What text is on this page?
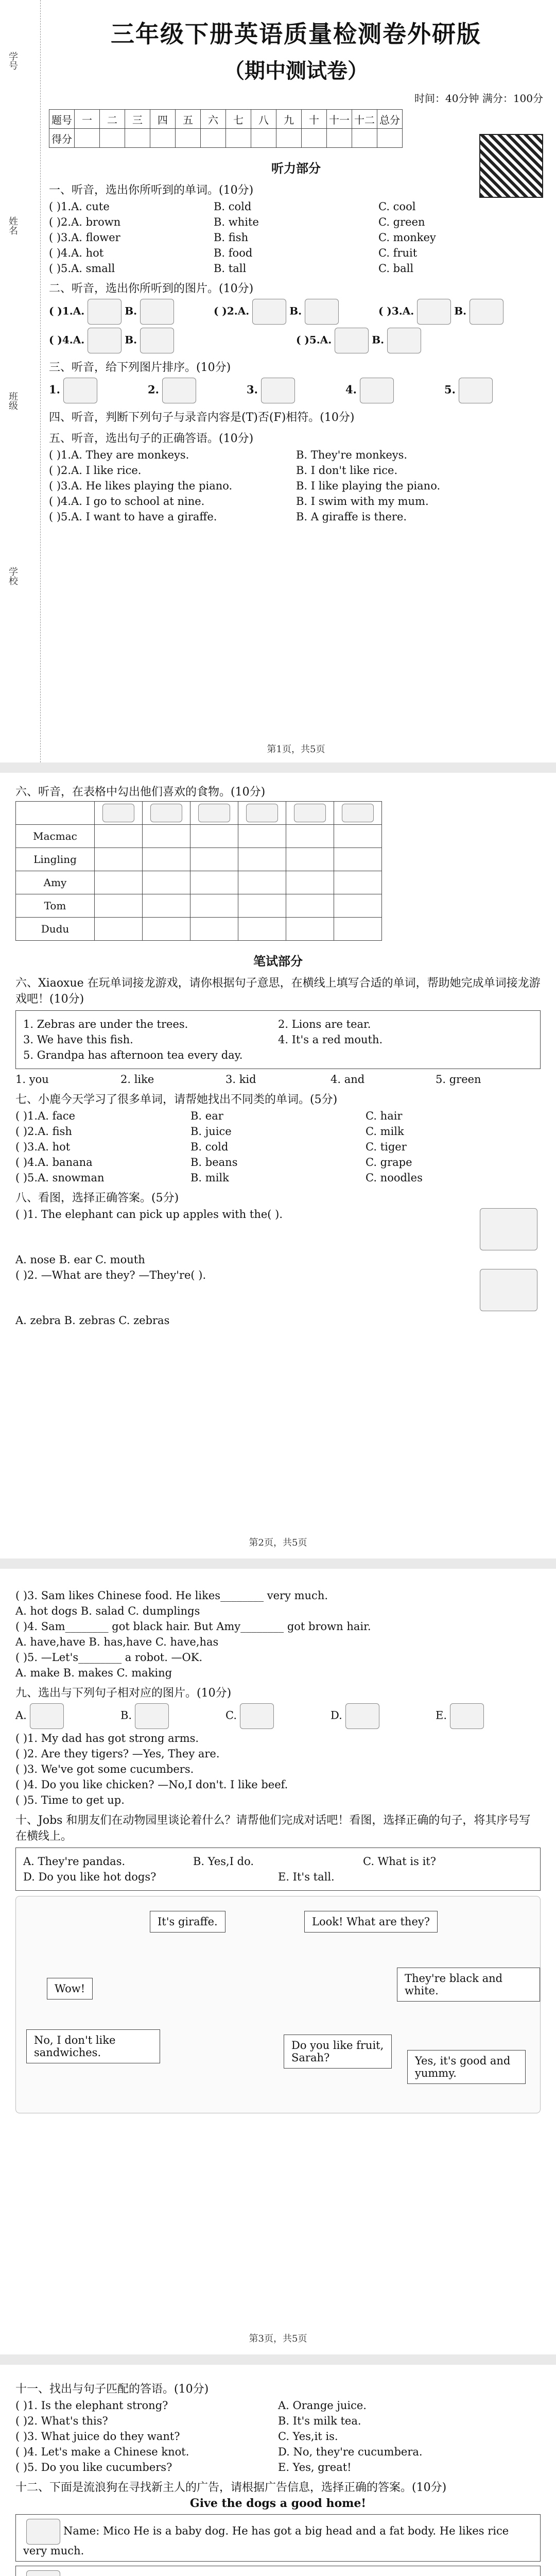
学号
姓名
班级
学校
三年级下册英语质量检测卷外研版
（期中测试卷）
时间：40分钟 满分：100分
题号	一	二	三	四	五	六	七	八	九	十	十一	十二	总分
得分													
听力部分
一、听音，选出你所听到的单词。(10分)
( )1.A. cute	B. cold	C. cool
( )2.A. brown	B. white	C. green
( )3.A. flower	B. fish	C. monkey
( )4.A. hot	B. food	C. fruit
( )5.A. small	B. tall	C. ball
二、听音，选出你所听到的图片。(10分)
( )1.A.	B.	( )2.A.	B.	( )3.A.	B.
( )4.A.	B.	( )5.A.	B.
三、听音，给下列图片排序。(10分)
1.	2.	3.	4.	5.
四、听音，判断下列句子与录音内容是(T)否(F)相符。(10分)
五、听音，选出句子的正确答语。(10分)
( )1.A. They are monkeys.	B. They're monkeys.
( )2.A. I like rice.	B. I don't like rice.
( )3.A. He likes playing the piano.	B. I like playing the piano.
( )4.A. I go to school at nine.	B. I swim with my mum.
( )5.A. I want to have a giraffe.	B. A giraffe is there.
第1页，共5页
六、听音，在表格中勾出他们喜欢的食物。(10分)

Macmac						
Lingling						
Amy						
Tom						
Dudu						
笔试部分
六、Xiaoxue 在玩单词接龙游戏，请你根据句子意思，在横线上填写合适的单词，帮助她完成单词接龙游戏吧！(10分)
1. Zebras are under the trees.	2. Lions are tear.
3. We have this fish.	4. It's a red mouth.
5. Grandpa has afternoon tea every day.
1. you	2. like	3. kid	4. and	5. green
七、小鹿今天学习了很多单词，请帮她找出不同类的单词。(5分)
( )1.A. face	B. ear	C. hair
( )2.A. fish	B. juice	C. milk
( )3.A. hot	B. cold	C. tiger
( )4.A. banana	B. beans	C. grape
( )5.A. snowman	B. milk	C. noodles
八、看图，选择正确答案。(5分)
( )1. The elephant can pick up apples with the( ).
A. nose B. ear C. mouth
( )2. —What are they? —They're( ).
A. zebra B. zebras C. zebras
第2页，共5页
( )3. Sam likes Chinese food. He likes________ very much.
A. hot dogs B. salad C. dumplings
( )4. Sam________ got black hair. But Amy________ got brown hair.
A. have,have B. has,have C. have,has
( )5. —Let's________ a robot. —OK.
A. make B. makes C. making
九、选出与下列句子相对应的图片。(10分)
A.	B.	C.	D.	E.
( )1. My dad has got strong arms.
( )2. Are they tigers? —Yes, They are.
( )3. We've got some cucumbers.
( )4. Do you like chicken? —No,I don't. I like beef.
( )5. Time to get up.
十、Jobs 和朋友们在动物园里谈论着什么？请帮他们完成对话吧！看图，选择正确的句子，将其序号写在横线上。
A. They're pandas.	B. Yes,I do.	C. What is it?
D. Do you like hot dogs?	E. It's tall.
It's giraffe.	Look! What are they?
They're black and white.
Wow!
No, I don't like sandwiches.
Do you like fruit, Sarah?	Yes, it's good and yummy.
第3页，共5页
十一、找出与句子匹配的答语。(10分)
( )1. Is the elephant strong?	A. Orange juice.
( )2. What's this?	B. It's milk tea.
( )3. What juice do they want?	C. Yes,it is.
( )4. Let's make a Chinese knot.	D. No, they're cucumbera.
( )5. Do you like cucumbers?	E. Yes, great!
十二、下面是流浪狗在寻找新主人的广告，请根据广告信息，选择正确的答案。(10分)
Give the dogs a good home!
Name: Mico He is a baby dog. He has got a big head and a fat body. He likes rice very much.
